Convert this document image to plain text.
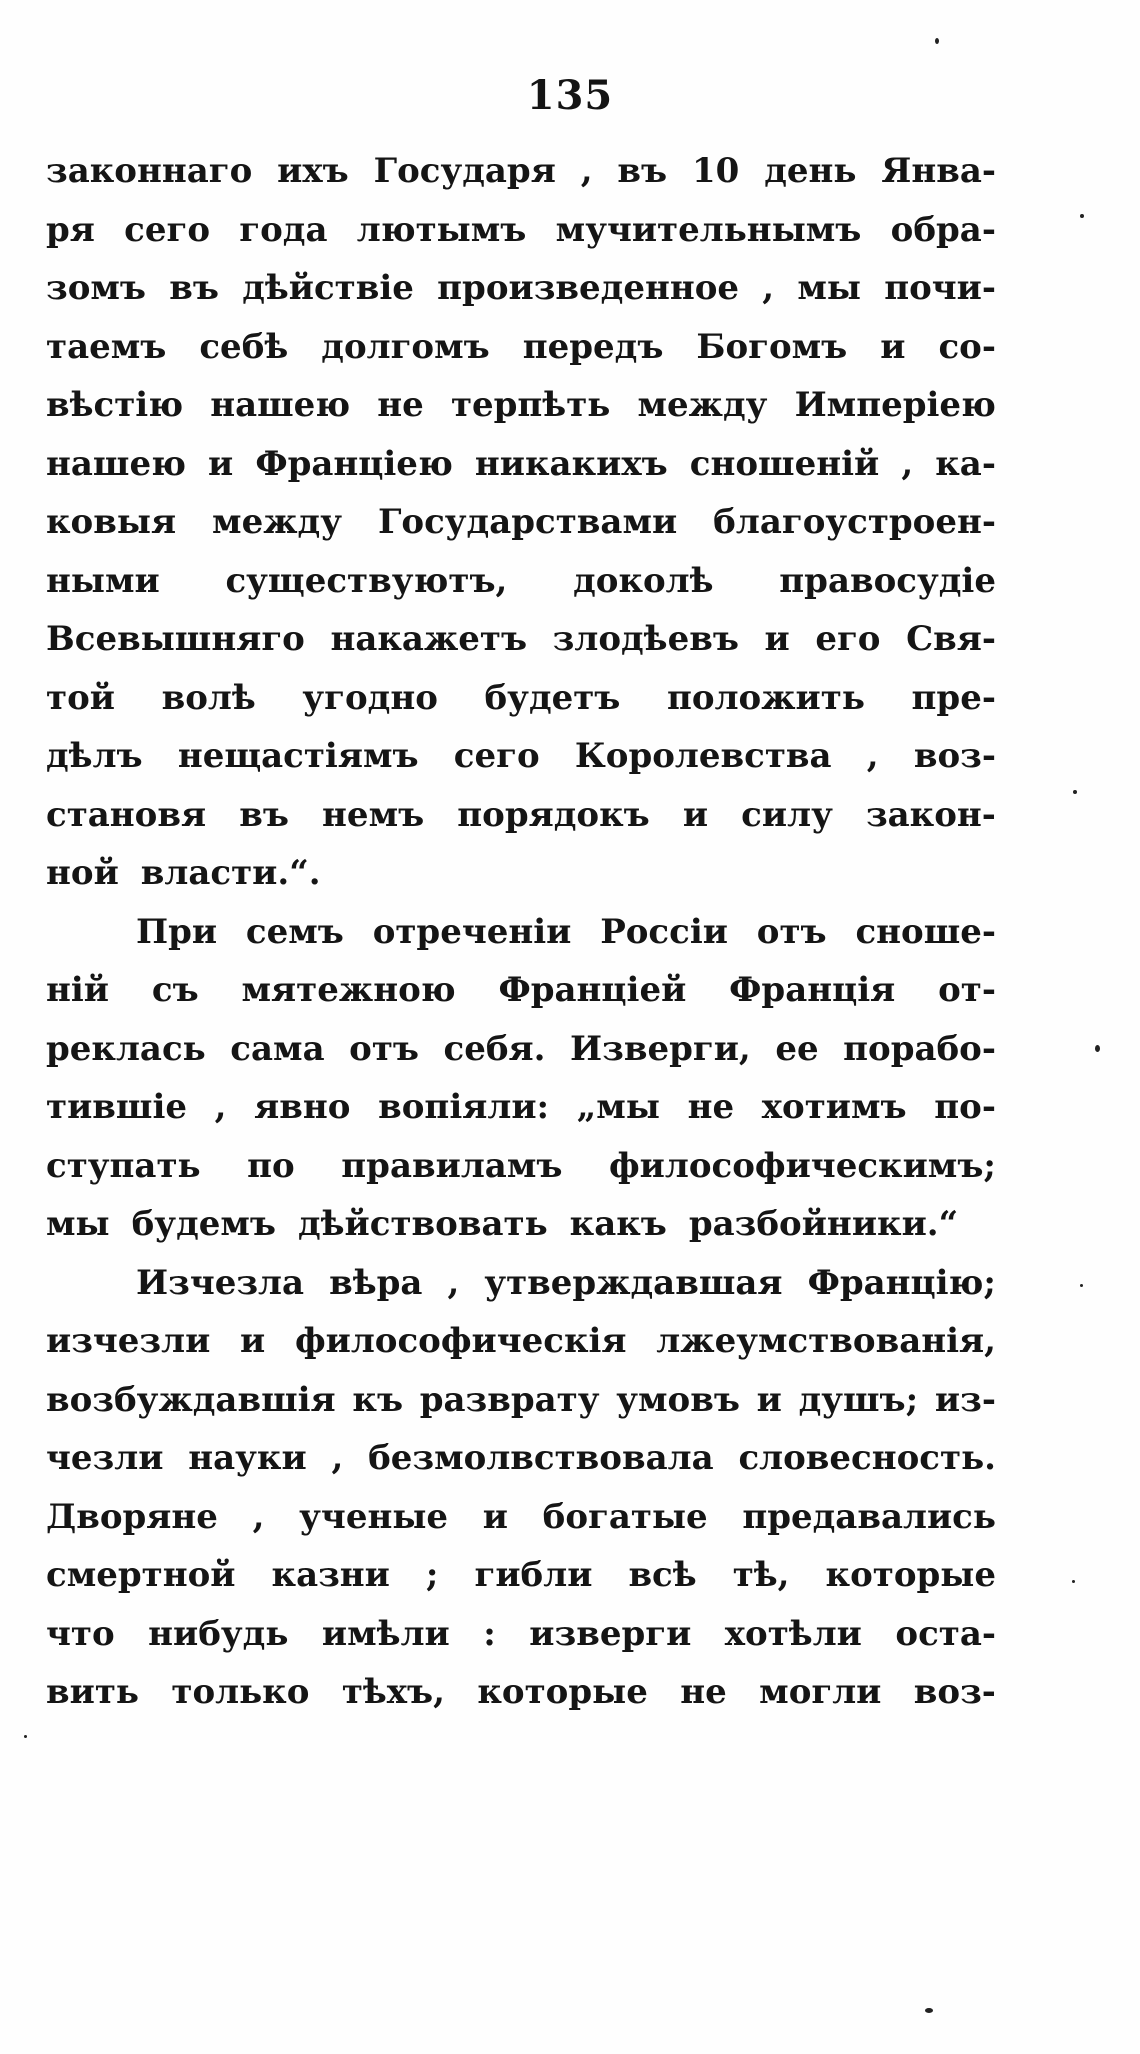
135
законнаго ихъ Государя , въ 10 день Янва-
ря сего года лютымъ мучительнымъ обра-
зомъ въ дѣйствіе произведенное , мы почи-
таемъ себѣ долгомъ передъ Богомъ и со-
вѣстію нашею не терпѣть между Имперіею
нашею и Франціею никакихъ сношеній , ка-
ковыя между Государствами благоустроен-
ными существуютъ, доколѣ правосудіе
Всевышняго накажетъ злодѣевъ и его Свя-
той волѣ угодно будетъ положить пре-
дѣлъ нещастіямъ сего Королевства , воз-
становя въ немъ порядокъ и силу закон-
ной власти.“.
При семъ отреченіи Россіи отъ сноше-
ній съ мятежною Франціей Франція от-
реклась сама отъ себя. Изверги, ее порабо-
тившіе , явно вопіяли: „мы не хотимъ по-
ступать по правиламъ философическимъ;
мы будемъ дѣйствовать какъ разбойники.“
Изчезла вѣра , утверждавшая Францію;
изчезли и философическія лжеумствованія,
возбуждавшія къ разврату умовъ и душъ; из-
чезли науки , безмолвствовала словесность.
Дворяне , ученые и богатые предавались
смертной казни ; гибли всѣ тѣ, которые
что нибудь имѣли : изверги хотѣли оста-
вить только тѣхъ, которые не могли воз-
